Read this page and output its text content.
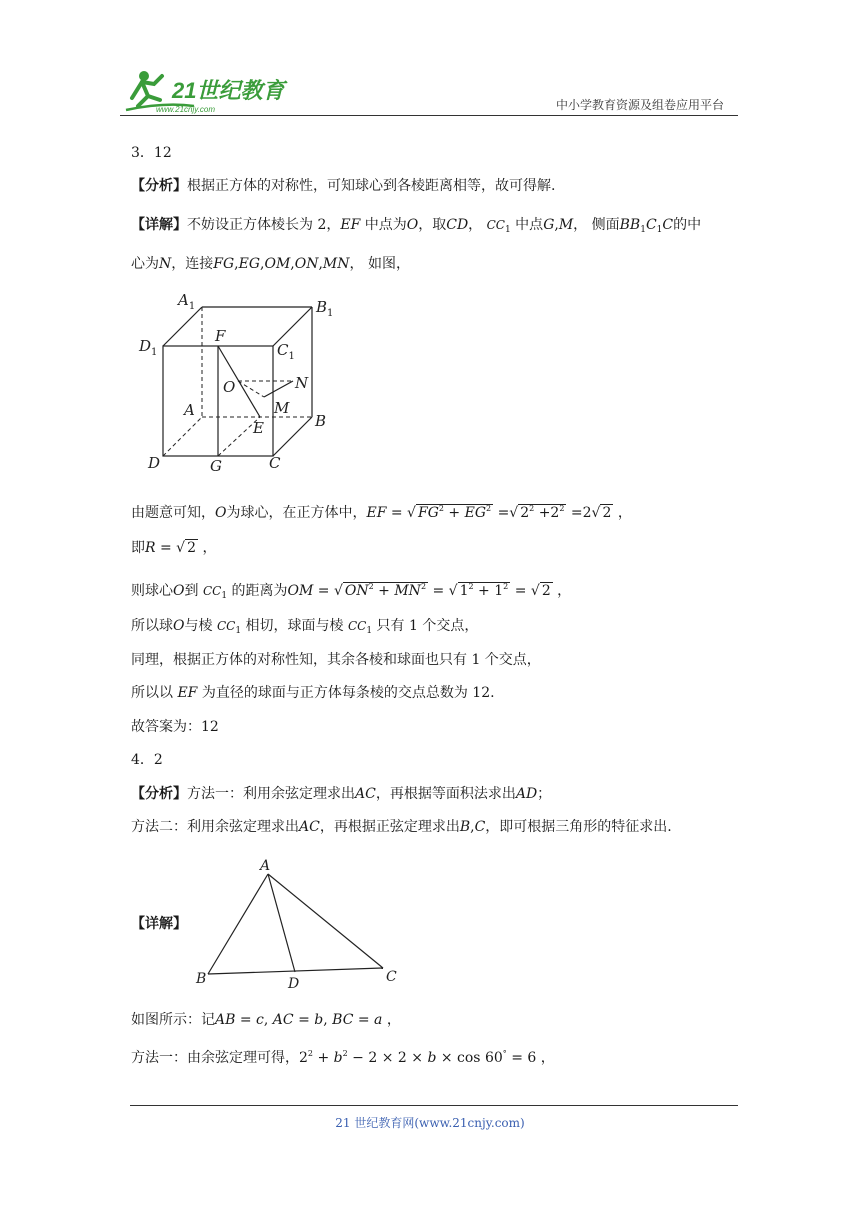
21世纪教育
www.21cnjy.com	中小学教育资源及组卷应用平台
3．12
【分析】根据正方体的对称性，可知球心到各棱距离相等，故可得解.
【详解】不妨设正方体棱长为 2，EF 中点为O，取CD， $CC_1$ 中点G,M， 侧面$BB_1C_1C$的中
心为N，连接FG,EG,OM,ON,MN， 如图，
$A_1$	$B_1$
$D_1$	$C_1$
F
O	N
A	M
E	B
D	G	C
由题意可知，O为球心，在正方体中，EF = √ $FG^2 + EG^2$ =√ $2^2 +2^2 =2√$ 2 ，
即R = √ 2 ，
则球心O到 $CC_1$ 的距离为OM = √ $ON^2 + MN^2$ = √ $1^2 + 1^2$ = √ 2 ，
所以球O与棱 $CC_1$ 相切，球面与棱 $CC_1$ 只有 1 个交点，
同理，根据正方体的对称性知，其余各棱和球面也只有 1 个交点，
所以以 EF 为直径的球面与正方体每条棱的交点总数为 12.
故答案为：12
4．2
【分析】方法一：利用余弦定理求出AC，再根据等面积法求出AD；
方法二：利用余弦定理求出AC，再根据正弦定理求出B,C，即可根据三角形的特征求出.
【详解】
A
B	D	C
如图所示：记AB = c, AC = b, BC = a ，
方法一：由余弦定理可得，$2^2 + b^2 - 2 \times 2 \times b \times \cos 60^\circ = 6$ ，
21 世纪教育网(www.21cnjy.com)
